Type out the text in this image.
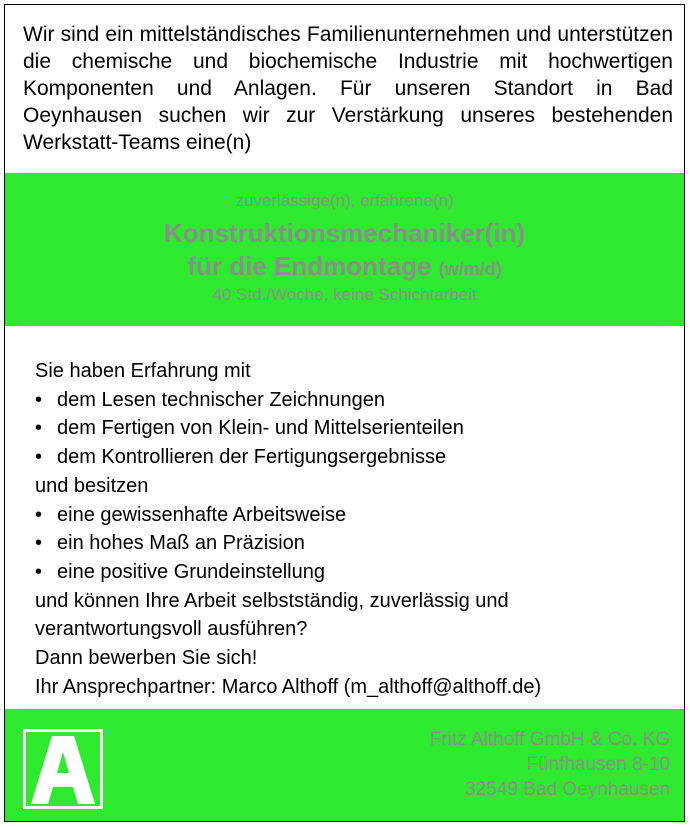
Wir sind ein mittelständisches Familienunternehmen und unterstützen die chemische und biochemische Industrie mit hochwertigen Komponenten und Anlagen. Für unseren Standort in Bad Oeynhausen suchen wir zur Verstärkung unseres bestehenden Werkstatt-Teams eine(n)
zuverlässige(n), erfahrene(n)
Konstruktionsmechaniker(in)
für die Endmontage (w/m/d)
40 Std./Woche, keine Schichtarbeit
Sie haben Erfahrung mit
• dem Lesen technischer Zeichnungen
• dem Fertigen von Klein- und Mittelserienteilen
• dem Kontrollieren der Fertigungsergebnisse
und besitzen
• eine gewissenhafte Arbeitsweise
• ein hohes Maß an Präzision
• eine positive Grundeinstellung
und können Ihre Arbeit selbstständig, zuverlässig und
verantwortungsvoll ausführen?
Dann bewerben Sie sich!
Ihr Ansprechpartner: Marco Althoff (m_althoff@althoff.de)
Fritz Althoff GmbH & Co. KG
Fünfhausen 8-10
32549 Bad Oeynhausen
